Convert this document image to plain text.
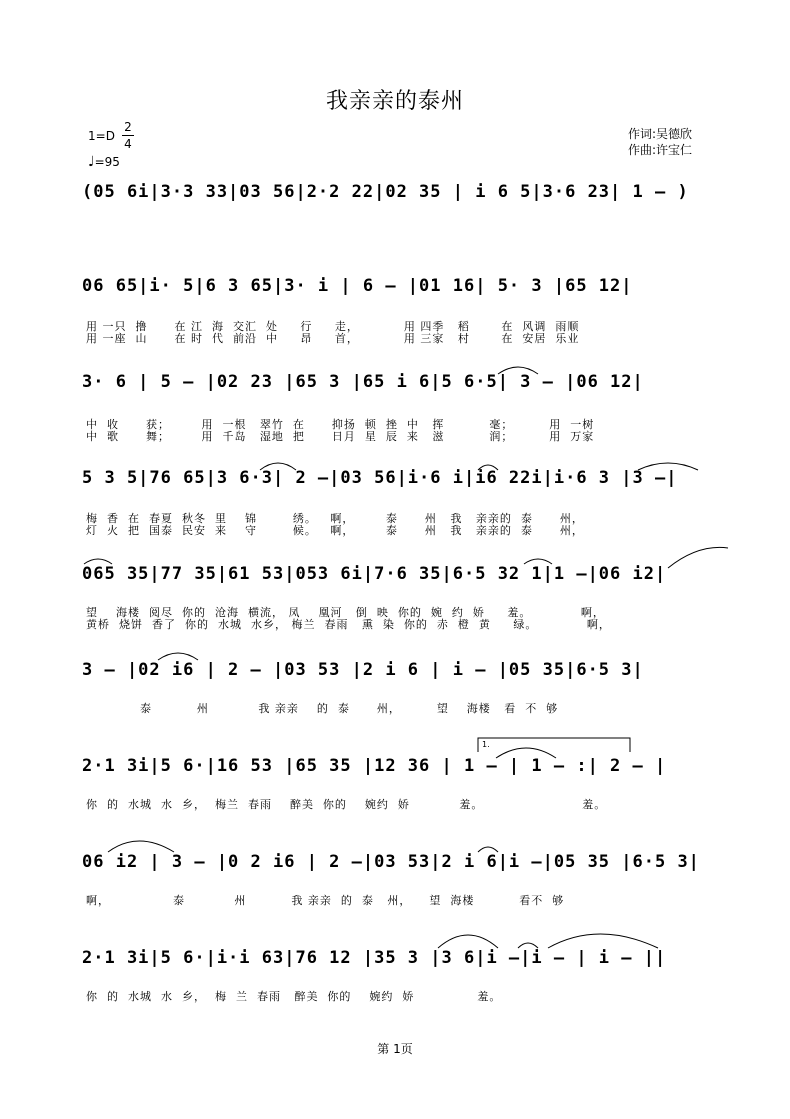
我亲亲的泰州
1=D
2
4
♩=95
作词:吴德欣
作曲:许宝仁
(05 6i|3·3 33|03 56|2·2 22|02 35 | i 6 5|3·6 23| 1 – )
06 65|i· 5|6 3 65|3· i | 6 – |01 16| 5· 3 |65 12|
用 一只  撸      在 江  海  交汇  处     行     走，          用 四季   稻       在  风调  雨顺
用 一座  山      在 时  代  前沿  中     昂     首，          用 三家   村       在  安居  乐业
3· 6 | 5 – |02 23 |65 3 |65 i 6|5 6·5| 3 – |06 12|
中  收      获；       用  一根   翠竹  在      抑扬  顿  挫  中   挥          毫；        用  一树
中  歌      舞；       用  千岛   湿地  把      日月  星  辰  来   滋          润；        用  万家
5 3 5|76 65|3 6·3| 2 –|03 56|i·6 i|i6 22i|i·6 3 |3 –|
梅  香  在  春夏  秋冬  里    锦        绣。   啊，       泰      州   我   亲亲的  泰      州，
灯  火  把  国泰  民安  来    守        候。   啊，       泰      州   我   亲亲的  泰      州，
065 35|77 35|61 53|053 6i|7·6 35|6·5 32 1|1 –|06 i2|
望    海楼  阅尽  你的  沧海  横流， 凤    凰河   倒  映  你的  婉  约  娇     羞。           啊，
黄桥  烧饼  香了  你的  水城  水乡， 梅兰  春雨   熏  染  你的  赤  橙  黄     绿。           啊，
3 – |02 i6 | 2 – |03 53 |2 i 6 | i – |05 35|6·5 3|
泰          州           我 亲亲    的  泰      州，        望    海楼   看  不  够
1.
2·1 3i|5 6·|16 53 |65 35 |12 36 | 1 – | 1 – :| 2 – |
你  的  水城  水  乡，  梅兰  春雨    醉美  你的    婉约  娇           羞。                      羞。
06 i2 | 3 – |0 2 i6 | 2 –|03 53|2 i 6|i –|05 35 |6·5 3|
啊，              泰           州          我 亲亲  的  泰   州，    望  海楼          看不  够
2·1 3i|5 6·|i·i 63|76 12 |35 3 |3 6|i –|i – | i – ||
你  的  水城  水  乡，  梅  兰  春雨   醉美  你的    婉约  娇              羞。
第 1页
